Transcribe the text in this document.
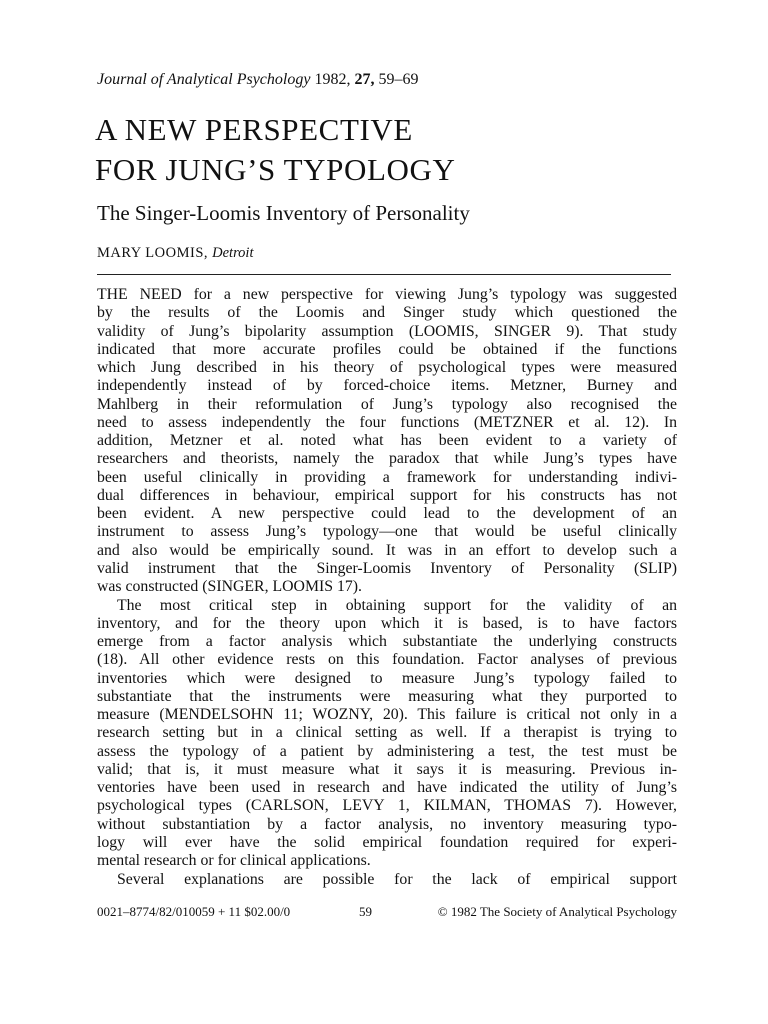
Journal of Analytical Psychology 1982, 27, 59–69
A NEW PERSPECTIVE
FOR JUNG’S TYPOLOGY
The Singer-Loomis Inventory of Personality
MARY LOOMIS, Detroit
THE NEED for a new perspective for viewing Jung’s typology was suggested
by the results of the Loomis and Singer study which questioned the
validity of Jung’s bipolarity assumption (LOOMIS, SINGER 9). That study
indicated that more accurate profiles could be obtained if the functions
which Jung described in his theory of psychological types were measured
independently instead of by forced-choice items. Metzner, Burney and
Mahlberg in their reformulation of Jung’s typology also recognised the
need to assess independently the four functions (METZNER et al. 12). In
addition, Metzner et al. noted what has been evident to a variety of
researchers and theorists, namely the paradox that while Jung’s types have
been useful clinically in providing a framework for understanding indivi-
dual differences in behaviour, empirical support for his constructs has not
been evident. A new perspective could lead to the development of an
instrument to assess Jung’s typology—one that would be useful clinically
and also would be empirically sound. It was in an effort to develop such a
valid instrument that the Singer-Loomis Inventory of Personality (SLIP)
was constructed (SINGER, LOOMIS 17).
The most critical step in obtaining support for the validity of an
inventory, and for the theory upon which it is based, is to have factors
emerge from a factor analysis which substantiate the underlying constructs
(18). All other evidence rests on this foundation. Factor analyses of previous
inventories which were designed to measure Jung’s typology failed to
substantiate that the instruments were measuring what they purported to
measure (MENDELSOHN 11; WOZNY, 20). This failure is critical not only in a
research setting but in a clinical setting as well. If a therapist is trying to
assess the typology of a patient by administering a test, the test must be
valid; that is, it must measure what it says it is measuring. Previous in-
ventories have been used in research and have indicated the utility of Jung’s
psychological types (CARLSON, LEVY 1, KILMAN, THOMAS 7). However,
without substantiation by a factor analysis, no inventory measuring typo-
logy will ever have the solid empirical foundation required for experi-
mental research or for clinical applications.
Several explanations are possible for the lack of empirical support
0021–8774/82/010059 + 11 $02.00/0	59	© 1982 The Society of Analytical Psychology
